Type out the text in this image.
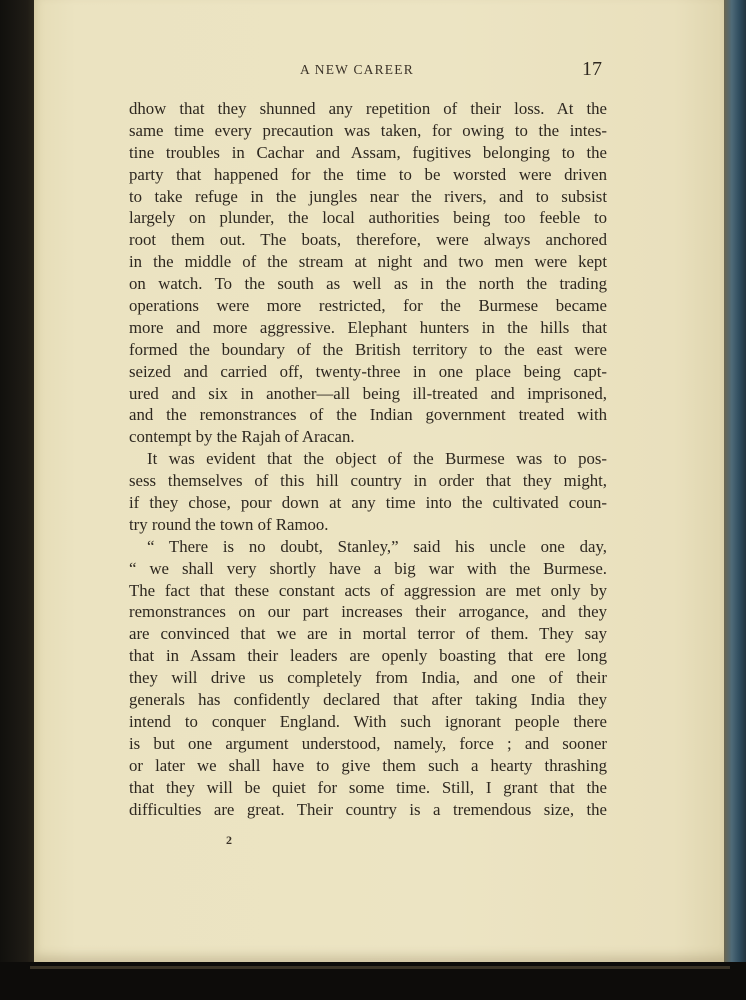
A NEW CAREER	17
dhow that they shunned any repetition of their loss. At the
same time every precaution was taken, for owing to the intes-
tine troubles in Cachar and Assam, fugitives belonging to the
party that happened for the time to be worsted were driven
to take refuge in the jungles near the rivers, and to subsist
largely on plunder, the local authorities being too feeble to
root them out. The boats, therefore, were always anchored
in the middle of the stream at night and two men were kept
on watch. To the south as well as in the north the trading
operations were more restricted, for the Burmese became
more and more aggressive. Elephant hunters in the hills that
formed the boundary of the British territory to the east were
seized and carried off, twenty-three in one place being capt-
ured and six in another—all being ill-treated and imprisoned,
and the remonstrances of the Indian government treated with
contempt by the Rajah of Aracan.
It was evident that the object of the Burmese was to pos-
sess themselves of this hill country in order that they might,
if they chose, pour down at any time into the cultivated coun-
try round the town of Ramoo.
“ There is no doubt, Stanley,” said his uncle one day,
“ we shall very shortly have a big war with the Burmese.
The fact that these constant acts of aggression are met only by
remonstrances on our part increases their arrogance, and they
are convinced that we are in mortal terror of them. They say
that in Assam their leaders are openly boasting that ere long
they will drive us completely from India, and one of their
generals has confidently declared that after taking India they
intend to conquer England. With such ignorant people there
is but one argument understood, namely, force ; and sooner
or later we shall have to give them such a hearty thrashing
that they will be quiet for some time. Still, I grant that the
difficulties are great. Their country is a tremendous size, the
2
